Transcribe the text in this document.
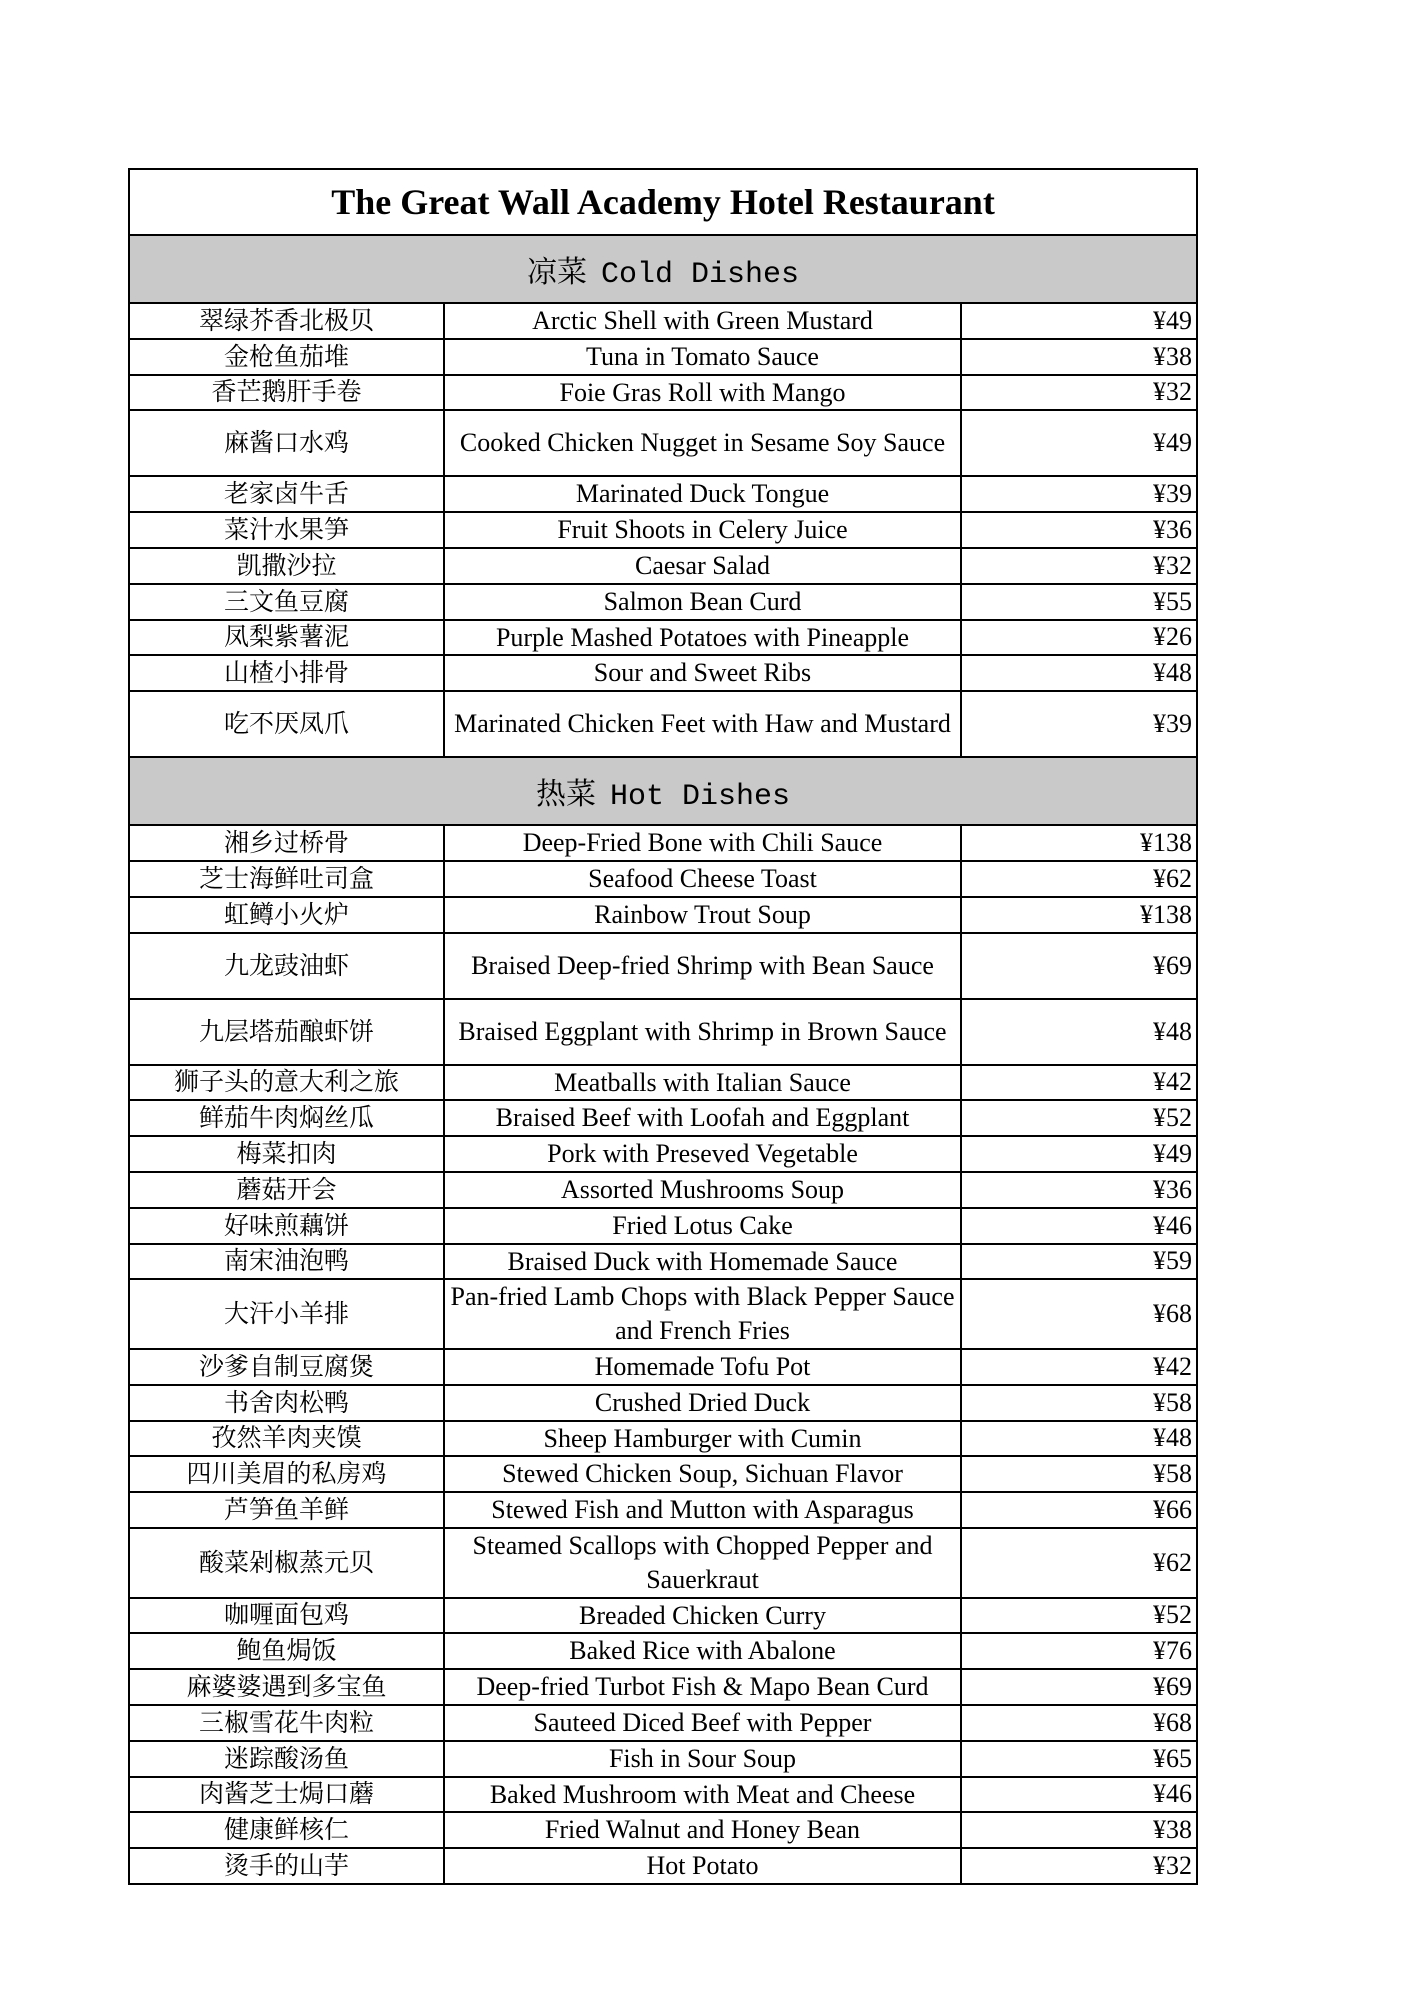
The Great Wall Academy Hotel Restaurant		
凉菜 Cold Dishes		
翠绿芥香北极贝	Arctic Shell with Green Mustard	¥49
金枪鱼茄堆	Tuna in Tomato Sauce	¥38
香芒鹅肝手卷	Foie Gras Roll with Mango	¥32
麻酱口水鸡	Cooked Chicken Nugget in Sesame Soy Sauce	¥49
老家卤牛舌	Marinated Duck Tongue	¥39
菜汁水果笋	Fruit Shoots in Celery Juice	¥36
凯撒沙拉	Caesar Salad	¥32
三文鱼豆腐	Salmon Bean Curd	¥55
凤梨紫薯泥	Purple Mashed Potatoes with Pineapple	¥26
山楂小排骨	Sour and Sweet Ribs	¥48
吃不厌凤爪	Marinated Chicken Feet with Haw and Mustard	¥39
热菜 Hot Dishes		
湘乡过桥骨	Deep-Fried Bone with Chili Sauce	¥138
芝士海鲜吐司盒	Seafood Cheese Toast	¥62
虹鳟小火炉	Rainbow Trout Soup	¥138
九龙豉油虾	Braised Deep-fried Shrimp with Bean Sauce	¥69
九层塔茄酿虾饼	Braised Eggplant with Shrimp in Brown Sauce	¥48
狮子头的意大利之旅	Meatballs with Italian Sauce	¥42
鲜茄牛肉焖丝瓜	Braised Beef with Loofah and Eggplant	¥52
梅菜扣肉	Pork with Preseved Vegetable	¥49
蘑菇开会	Assorted Mushrooms Soup	¥36
好味煎藕饼	Fried Lotus Cake	¥46
南宋油泡鸭	Braised Duck with Homemade Sauce	¥59
大汗小羊排	Pan-fried Lamb Chops with Black Pepper Sauce and French Fries	¥68
沙爹自制豆腐煲	Homemade Tofu Pot	¥42
书舍肉松鸭	Crushed Dried Duck	¥58
孜然羊肉夹馍	Sheep Hamburger with Cumin	¥48
四川美眉的私房鸡	Stewed Chicken Soup, Sichuan Flavor	¥58
芦笋鱼羊鲜	Stewed Fish and Mutton with Asparagus	¥66
酸菜剁椒蒸元贝	Steamed Scallops with Chopped Pepper and Sauerkraut	¥62
咖喱面包鸡	Breaded Chicken Curry	¥52
鲍鱼焗饭	Baked Rice with Abalone	¥76
麻婆婆遇到多宝鱼	Deep-fried Turbot Fish & Mapo Bean Curd	¥69
三椒雪花牛肉粒	Sauteed Diced Beef with Pepper	¥68
迷踪酸汤鱼	Fish in Sour Soup	¥65
肉酱芝士焗口蘑	Baked Mushroom with Meat and Cheese	¥46
健康鲜核仁	Fried Walnut and Honey Bean	¥38
烫手的山芋	Hot Potato	¥32
